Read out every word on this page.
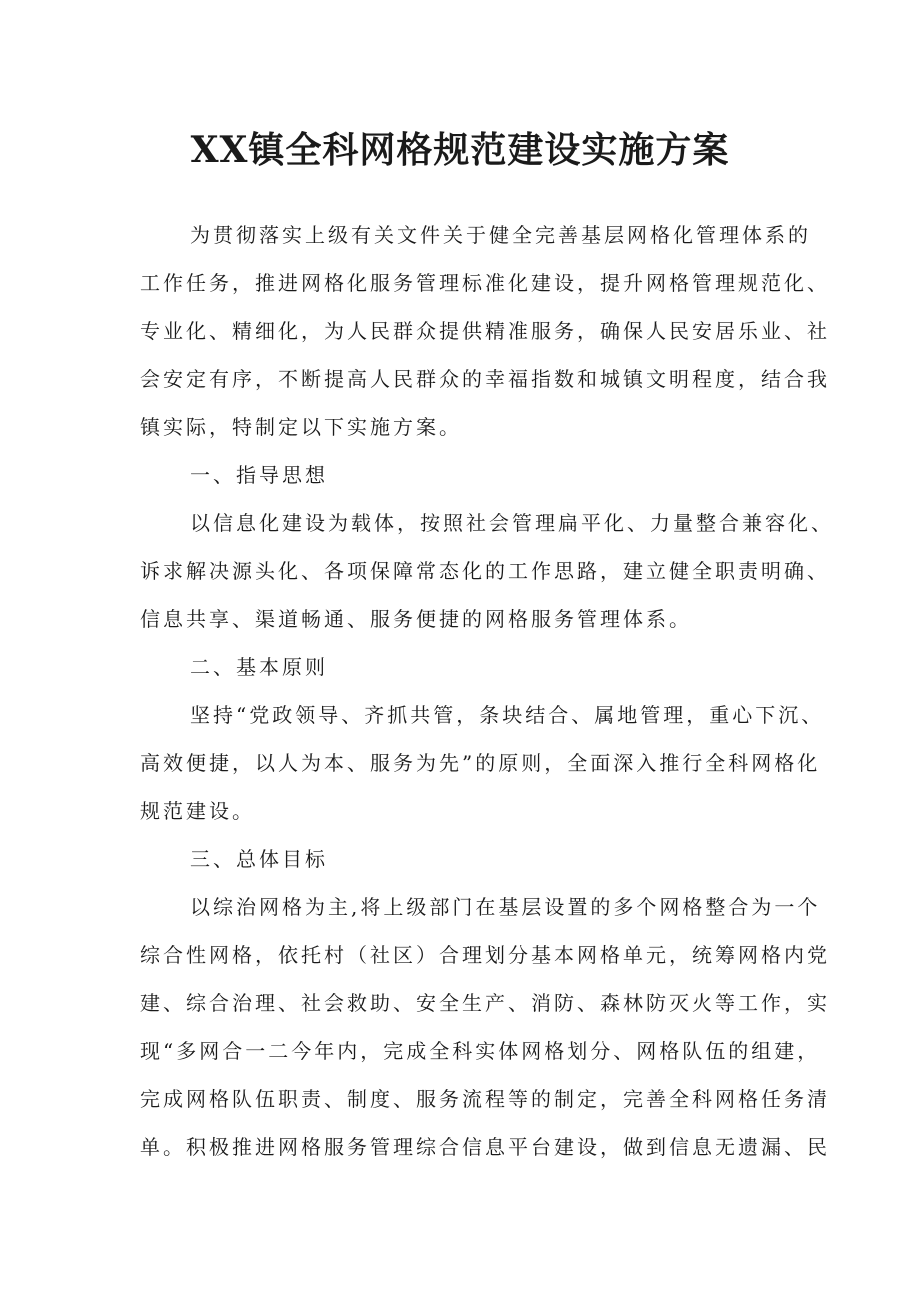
XX镇全科网格规范建设实施方案
为贯彻落实上级有关文件关于健全完善基层网格化管理体系的
工作任务，推进网格化服务管理标准化建设，提升网格管理规范化、
专业化、精细化，为人民群众提供精准服务，确保人民安居乐业、社
会安定有序，不断提高人民群众的幸福指数和城镇文明程度，结合我
镇实际，特制定以下实施方案。
一、指导思想
以信息化建设为载体，按照社会管理扁平化、力量整合兼容化、
诉求解决源头化、各项保障常态化的工作思路，建立健全职责明确、
信息共享、渠道畅通、服务便捷的网格服务管理体系。
二、基本原则
坚持“党政领导、齐抓共管，条块结合、属地管理，重心下沉、
高效便捷，以人为本、服务为先”的原则，全面深入推行全科网格化
规范建设。
三、总体目标
以综治网格为主,将上级部门在基层设置的多个网格整合为一个
综合性网格，依托村（社区）合理划分基本网格单元，统筹网格内党
建、综合治理、社会救助、安全生产、消防、森林防灭火等工作，实
现“多网合一二今年内，完成全科实体网格划分、网格队伍的组建，
完成网格队伍职责、制度、服务流程等的制定，完善全科网格任务清
单。积极推进网格服务管理综合信息平台建设，做到信息无遗漏、民
